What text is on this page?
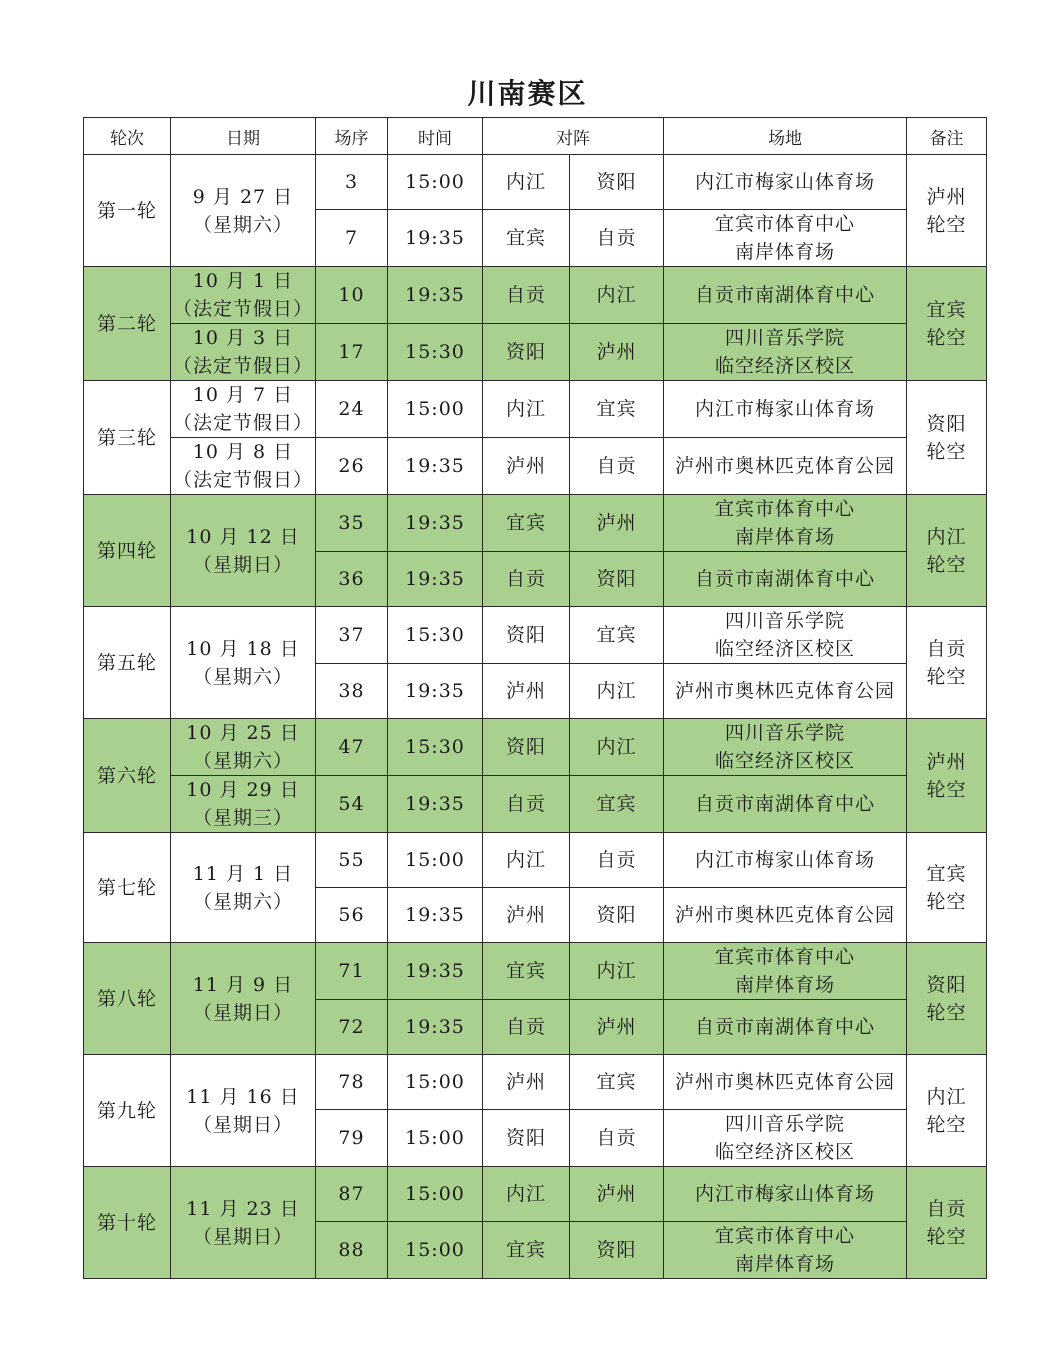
川南赛区
轮次	日期	场序	时间	对阵		场地	备注
第一轮	9 月 27 日
（星期六）	3	15:00	内江	资阳	内江市梅家山体育场	泸州
轮空

		7	19:35	宜宾	自贡	宜宾市体育中心
南岸体育场	

第二轮	10 月 1 日
（法定节假日）	10	19:35	自贡	内江	自贡市南湖体育中心	宜宾
轮空

	10 月 3 日
（法定节假日）	17	15:30	资阳	泸州	四川音乐学院
临空经济区校区	

第三轮	10 月 7 日
（法定节假日）	24	15:00	内江	宜宾	内江市梅家山体育场	资阳
轮空

	10 月 8 日
（法定节假日）	26	19:35	泸州	自贡	泸州市奥林匹克体育公园	

第四轮	10 月 12 日
（星期日）	35	19:35	宜宾	泸州	宜宾市体育中心
南岸体育场	内江
轮空

		36	19:35	自贡	资阳	自贡市南湖体育中心	

第五轮	10 月 18 日
（星期六）	37	15:30	资阳	宜宾	四川音乐学院
临空经济区校区	自贡
轮空

		38	19:35	泸州	内江	泸州市奥林匹克体育公园	

第六轮	10 月 25 日
（星期六）	47	15:30	资阳	内江	四川音乐学院
临空经济区校区	泸州
轮空

	10 月 29 日
（星期三）	54	19:35	自贡	宜宾	自贡市南湖体育中心	

第七轮	11 月 1 日
（星期六）	55	15:00	内江	自贡	内江市梅家山体育场	宜宾
轮空

		56	19:35	泸州	资阳	泸州市奥林匹克体育公园	

第八轮	11 月 9 日
（星期日）	71	19:35	宜宾	内江	宜宾市体育中心
南岸体育场	资阳
轮空

		72	19:35	自贡	泸州	自贡市南湖体育中心	

第九轮	11 月 16 日
（星期日）	78	15:00	泸州	宜宾	泸州市奥林匹克体育公园	内江
轮空

		79	15:00	资阳	自贡	四川音乐学院
临空经济区校区	

第十轮	11 月 23 日
（星期日）	87	15:00	内江	泸州	内江市梅家山体育场	自贡
轮空

		88	15:00	宜宾	资阳	宜宾市体育中心
南岸体育场	
